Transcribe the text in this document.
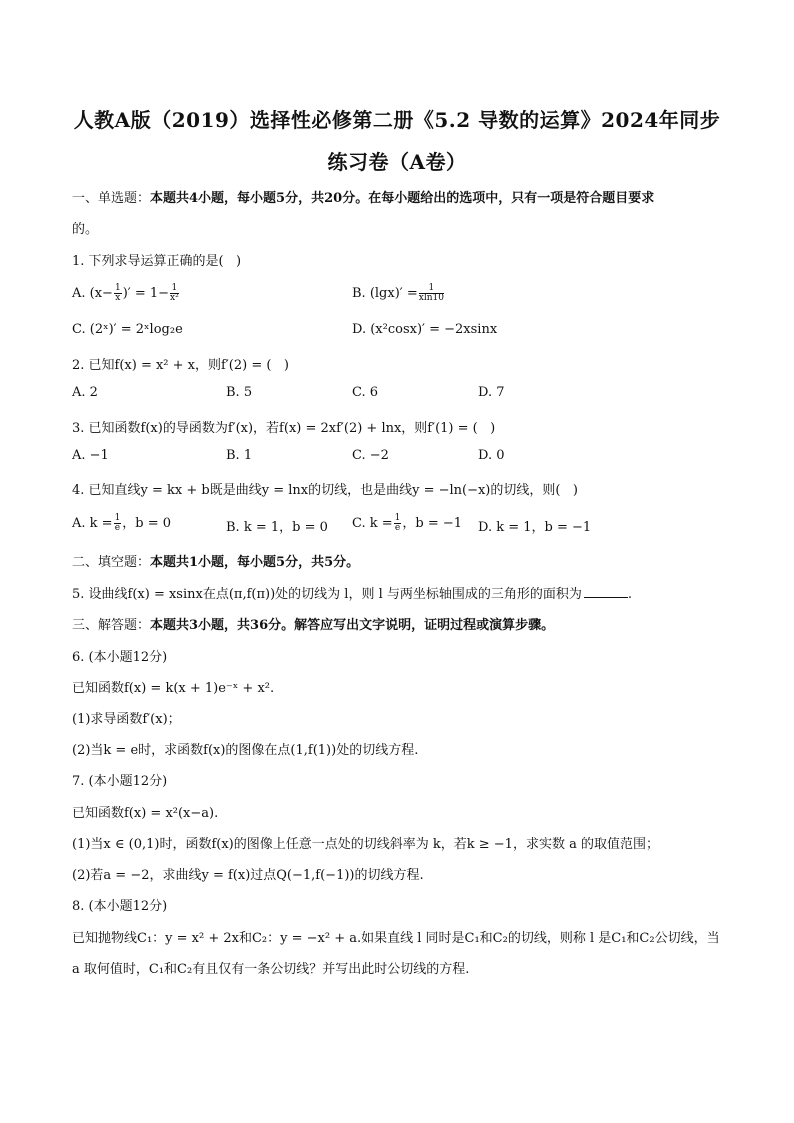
人教A版（2019）选择性必修第二册《5.2 导数的运算》2024年同步
练习卷（A卷）
一、单选题：本题共4小题，每小题5分，共20分。在每小题给出的选项中，只有一项是符合题目要求
的。
1. 下列求导运算正确的是(   )
A. ($x- \frac{1}{x}$ )′ = $1- \frac{1}{\text{x²}}$	B. $(\lg x)' = \frac{1}{xln10}$
C. (2ˣ)′ = 2ˣlog₂e	D. (x²cosx)′ = −2xsinx
2. 已知f(x) = x² + x，则f′(2) = (   )
A. 2	B. 5	C. 6	D. 7
3. 已知函数f(x)的导函数为f′(x)，若f(x) = 2xf′(2) + lnx，则f′(1) = (   )
A. −1	B. 1	C. −2	D. 0
4. 已知直线y = kx + b既是曲线y = lnx的切线，也是曲线y = −ln(−x)的切线，则(   )
A. $k = \frac{1}{e}$ ，b = 0	B. k = 1，b = 0 C. $k = \frac{1}{e}$ ，b = −1 D. k = 1，b = −1
二、填空题：本题共1小题，每小题5分，共5分。
5. 设曲线f(x) = xsinx在点(π,f(π))处的切线为 l，则 l 与两坐标轴围成的三角形的面积为	.
三、解答题：本题共3小题，共36分。解答应写出文字说明，证明过程或演算步骤。
6. (本小题12分)
已知函数f(x) = k(x + 1)e⁻ˣ + x².
(1)求导函数f′(x)；
(2)当k = e时，求函数f(x)的图像在点(1,f(1))处的切线方程.
7. (本小题12分)
已知函数f(x) = x²(x−a).
(1)当x ∈ (0,1)时，函数f(x)的图像上任意一点处的切线斜率为 k，若k ≥ −1，求实数 a 的取值范围；
(2)若a = −2，求曲线y = f(x)过点Q(−1,f(−1))的切线方程.
8. (本小题12分)
已知抛物线C₁：y = x² + 2x和C₂：y = −x² + a.如果直线 l 同时是C₁和C₂的切线，则称 l 是C₁和C₂公切线，当
a 取何值时，C₁和C₂有且仅有一条公切线？并写出此时公切线的方程.
